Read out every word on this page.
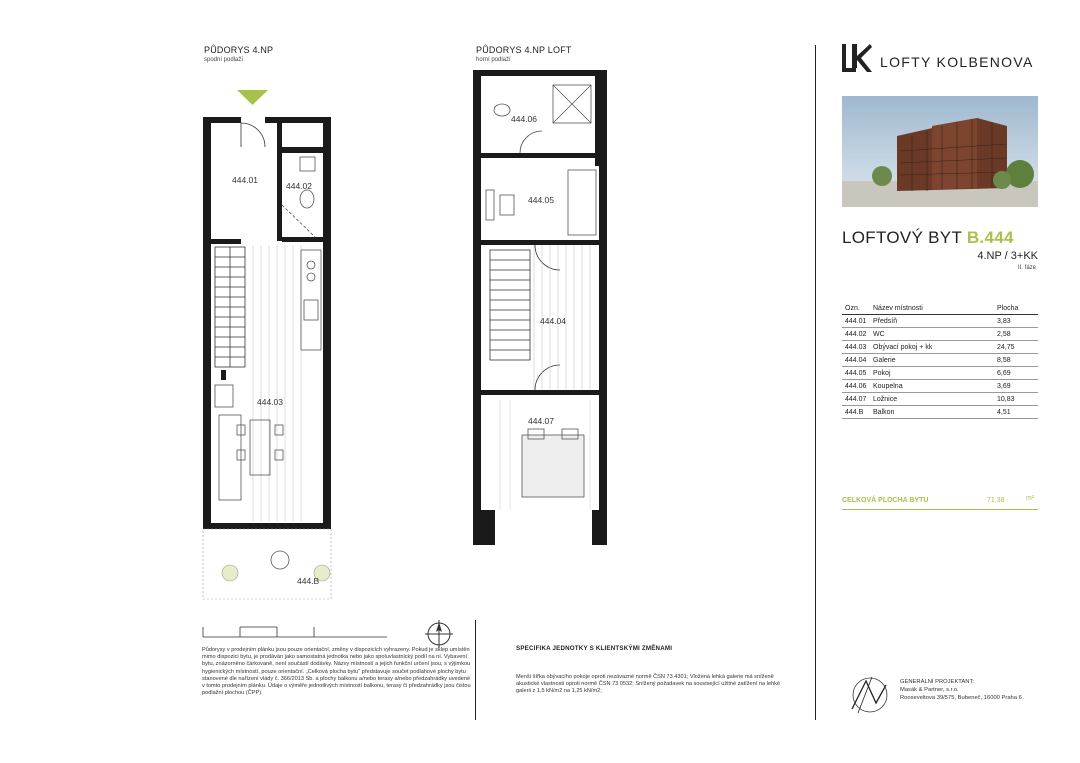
PŮDORYS 4.NP
spodní podlaží
444.01
444.02
444.03
444.B
PŮDORYS 4.NP LOFT
horní podlaží
444.06
444.05
444.04
444.07
LOFTY KOLBENOVA
LOFTOVÝ BYT B.444
4.NP / 3+KK
II. fáze
Ozn.	Název místnosti	Plocha
444.01	Předsíň	3,83
444.02	WC	2,58
444.03	Obývací pokoj + kk	24,75
444.04	Galerie	8,58
444.05	Pokoj	6,69
444.06	Koupelna	3,69
444.07	Ložnice	10,83
444.B	Balkon	4,51
CELKOVÁ PLOCHA BYTU	71,38	m²
Půdorysy v prodejním plánku jsou pouze orientační, změny v dispozicích vyhrazeny. Pokud je sklep umístěn mimo dispozici bytu, je prodáván jako samostatná jednotka nebo jako spoluvlastnický podíl na ní. Vybavení bytu, znázorněno čárkovaně, není součástí dodávky. Názvy místností a jejich funkční určení jsou, s výjimkou hygienických místností, pouze orientační. „Celková plocha bytu" představuje součet podlahové plochy bytu stanovené dle nařízení vlády č. 366/2013 Sb. a plochy balkonu a/nebo terasy a/nebo předzahrádky uvedené v tomto prodejním plánku. Údaje o výměře jednotlivých místností balkonu, terasy či předzahrádky jsou čistou podlažní plochou (ČPP).
SPECIFIKA JEDNOTKY S KLIENTSKÝMI ZMĚNAMI
Menší šířka obývacího pokoje oproti nezávazné normě ČSN 73 4301; Vložená lehká galerie má sníženě akustické vlastnosti oproti normě ČSN 73 0532; Snížený požadavek na související užitné zatížení na lehké galerii z 1,5 kN/m2 na 1,25 kN/m2;
GENERÁLNÍ PROJEKTANT:
Masák & Partner, s.r.o.
Rooseveltova 39/575, Bubeneč, 16000 Praha 6
